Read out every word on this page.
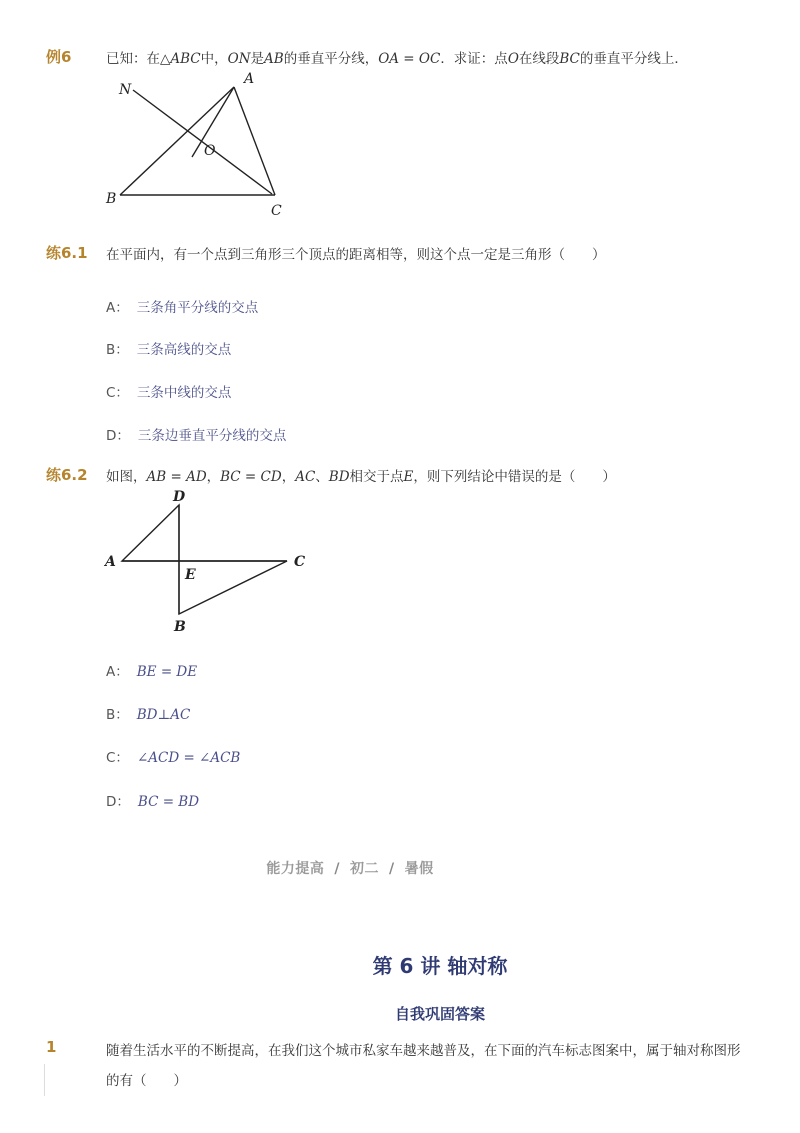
例6	已知：在△ABC中，ON是AB的垂直平分线，OA = OC．求证：点O在线段BC的垂直平分线上．
N
A
O
B
C
练6.1 在平面内，有一个点到三角形三个顶点的距离相等，则这个点一定是三角形（　　）
A： 三条角平分线的交点
B： 三条高线的交点
C： 三条中线的交点
D： 三条边垂直平分线的交点
练6.2 如图，AB = AD，BC = CD，AC、BD相交于点E，则下列结论中错误的是（　　）
D
A	C
E
B
A： BE = DE
B： BD⊥AC
C： ∠ACD = ∠ACB
D： BC = BD
能力提高 / 初二 / 暑假
第 6 讲 轴对称
自我巩固答案
1	随着生活水平的不断提高，在我们这个城市私家车越来越普及，在下面的汽车标志图案中，属于轴对称图形的有（　　）
